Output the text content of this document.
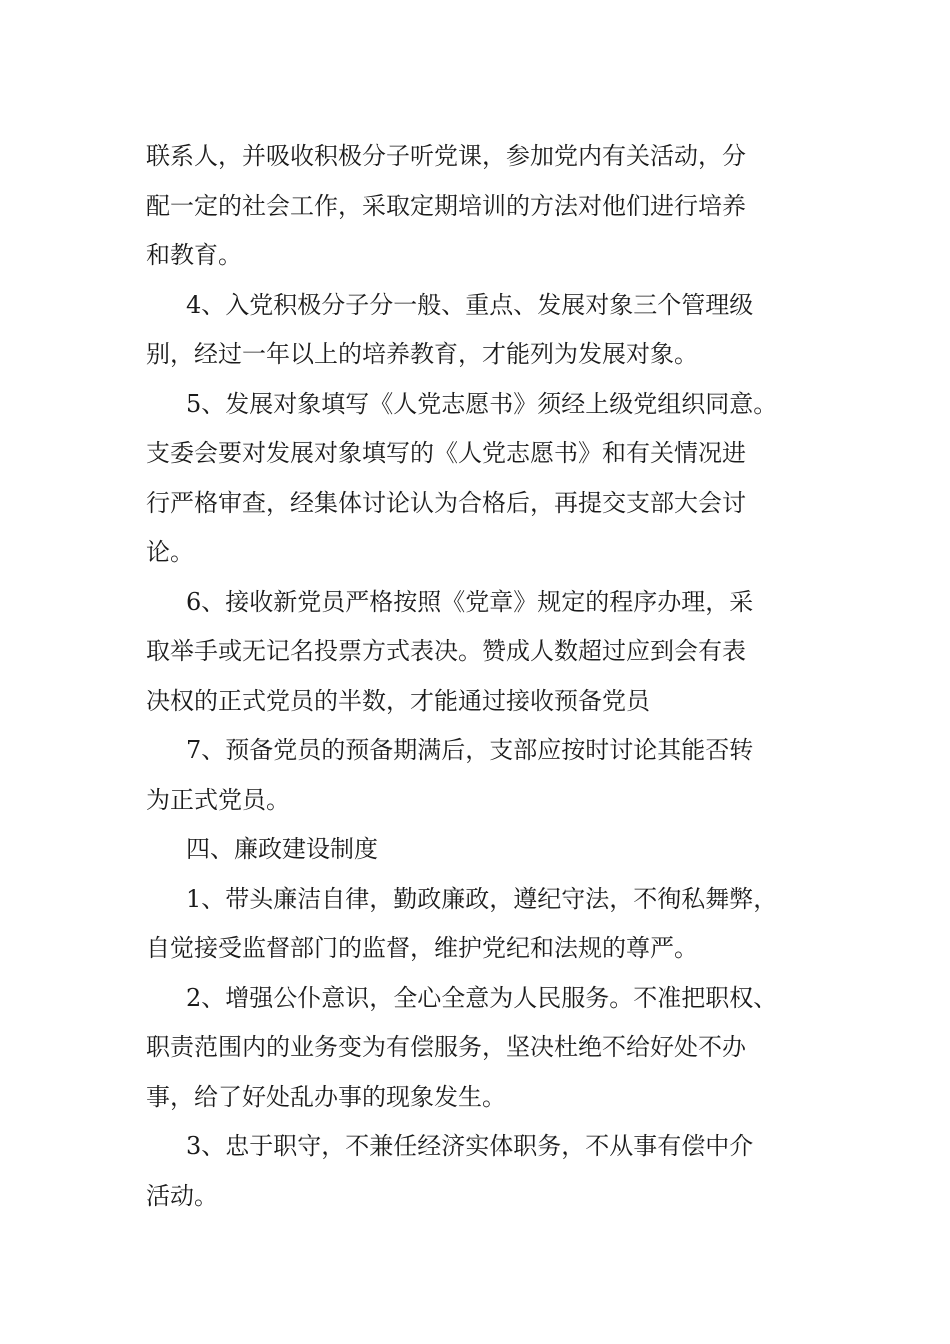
联系人，并吸收积极分子听党课，参加党内有关活动，分
配一定的社会工作，采取定期培训的方法对他们进行培养
和教育。
4、入党积极分子分一般、重点、发展对象三个管理级
别，经过一年以上的培养教育，才能列为发展对象。
5、发展对象填写《人党志愿书》须经上级党组织同意。
支委会要对发展对象填写的《人党志愿书》和有关情况进
行严格审查，经集体讨论认为合格后，再提交支部大会讨
论。
6、接收新党员严格按照《党章》规定的程序办理，采
取举手或无记名投票方式表决。赞成人数超过应到会有表
决权的正式党员的半数，才能通过接收预备党员
7、预备党员的预备期满后，支部应按时讨论其能否转
为正式党员。
四、廉政建设制度
1、带头廉洁自律，勤政廉政，遵纪守法，不徇私舞弊，
自觉接受监督部门的监督，维护党纪和法规的尊严。
2、增强公仆意识，全心全意为人民服务。不准把职权、
职责范围内的业务变为有偿服务，坚决杜绝不给好处不办
事，给了好处乱办事的现象发生。
3、忠于职守，不兼任经济实体职务，不从事有偿中介
活动。
